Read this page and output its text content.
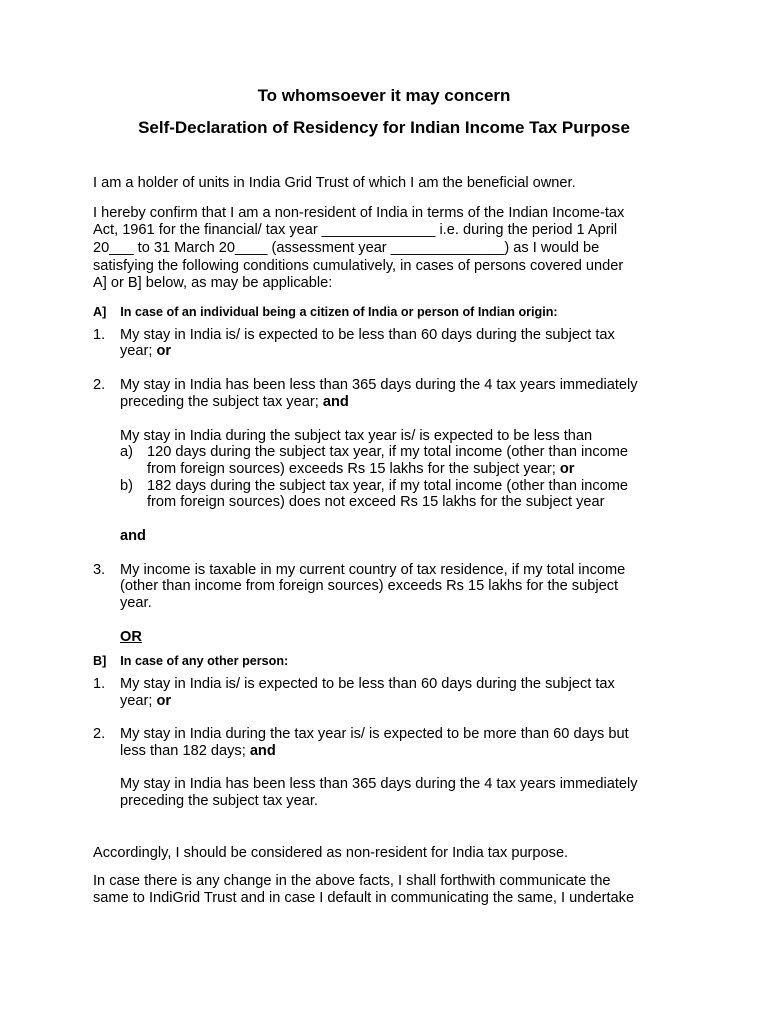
To whomsoever it may concern
Self-Declaration of Residency for Indian Income Tax Purpose

I am a holder of units in India Grid Trust of which I am the beneficial owner.

I hereby confirm that I am a non-resident of India in terms of the Indian Income-tax

Act, 1961 for the financial/ tax year ______________ i.e. during the period 1 April

20___ to 31 March 20____ (assessment year ______________) as I would be

satisfying the following conditions cumulatively, in cases of persons covered under

A] or B] below, as may be applicable:

A] In case of an individual being a citizen of India or person of Indian origin:

1. My stay in India is/ is expected to be less than 60 days during the subject tax

year; or

2. My stay in India has been less than 365 days during the 4 tax years immediately

preceding the subject tax year; and

My stay in India during the subject tax year is/ is expected to be less than

a) 120 days during the subject tax year, if my total income (other than income

from foreign sources) exceeds Rs 15 lakhs for the subject year; or

b) 182 days during the subject tax year, if my total income (other than income

from foreign sources) does not exceed Rs 15 lakhs for the subject year

and
3. My income is taxable in my current country of tax residence, if my total income

(other than income from foreign sources) exceeds Rs 15 lakhs for the subject

year.

OR

B] In case of any other person:

1. My stay in India is/ is expected to be less than 60 days during the subject tax

year; or

2. My stay in India during the tax year is/ is expected to be more than 60 days but

less than 182 days; and

My stay in India has been less than 365 days during the 4 tax years immediately

preceding the subject tax year.

Accordingly, I should be considered as non-resident for India tax purpose.

In case there is any change in the above facts, I shall forthwith communicate the

same to IndiGrid Trust and in case I default in communicating the same, I undertake
